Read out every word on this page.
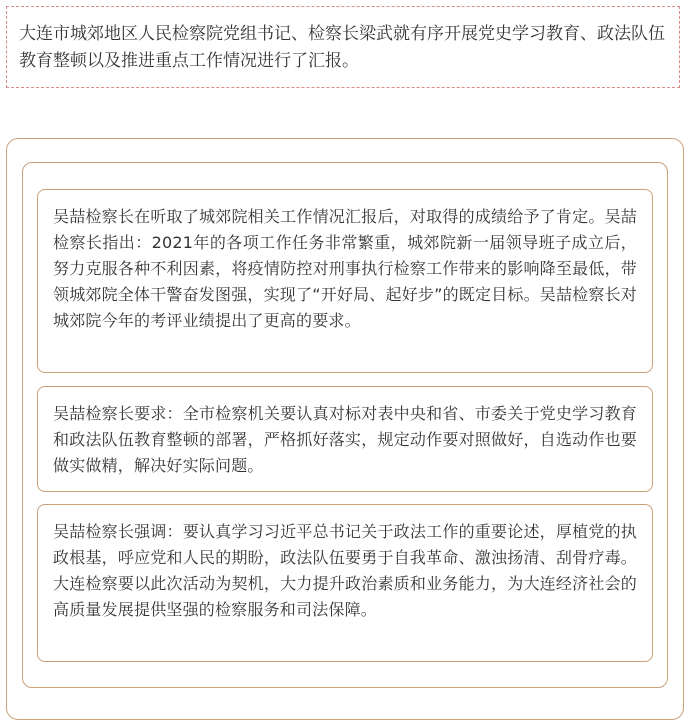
大连市城郊地区人民检察院党组书记、检察长梁武就有序开展党史学习教育、政法队伍教育整顿以及推进重点工作情况进行了汇报。

吴喆检察长在听取了城郊院相关工作情况汇报后，对取得的成绩给予了肯定。吴喆检察长指出：2021年的各项工作任务非常繁重，城郊院新一届领导班子成立后，努力克服各种不利因素，将疫情防控对刑事执行检察工作带来的影响降至最低，带领城郊院全体干警奋发图强，实现了“开好局、起好步”的既定目标。吴喆检察长对城郊院今年的考评业绩提出了更高的要求。

吴喆检察长要求：全市检察机关要认真对标对表中央和省、市委关于党史学习教育和政法队伍教育整顿的部署，严格抓好落实，规定动作要对照做好，自选动作也要做实做精，解决好实际问题。

吴喆检察长强调：要认真学习习近平总书记关于政法工作的重要论述，厚植党的执政根基，呼应党和人民的期盼，政法队伍要勇于自我革命、激浊扬清、刮骨疗毒。大连检察要以此次活动为契机，大力提升政治素质和业务能力，为大连经济社会的高质量发展提供坚强的检察服务和司法保障。
